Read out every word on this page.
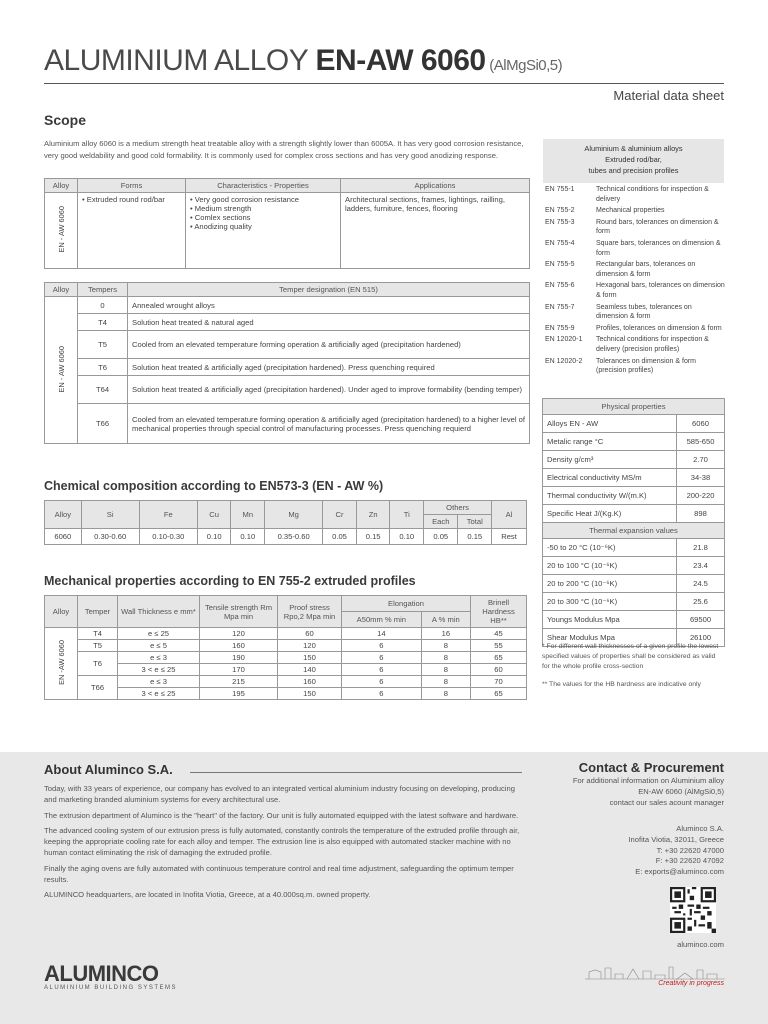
ALUMINIUM ALLOY EN-AW 6060 (AlMgSi0,5)
Material data sheet
Scope
Aluminium alloy 6060 is a medium strength heat treatable alloy with a strength slightly lower than 6005A. It has very good corrosion resistance, very good weldability and good cold formability. It is commonly used for complex cross sections and has very good anodizing response.
Alloy	Forms	Characteristics - Properties	Applications
EN - AW 6060	• Extruded round rod/bar	• Very good corrosion resistance
• Medium strength
• Comlex sections
• Anodizing quality	Architectural sections, frames, lightings, railling, ladders, furniture, fences, flooring
Alloy	Tempers	Temper designation (EN 515)
EN - AW 6060	0	Annealed wrought alloys
	T4	Solution heat treated & natural aged
	T5	Cooled from an elevated temperature forming operation & artificially aged (precipitation hardened)
	T6	Solution heat treated & artificially aged (precipitation hardened). Press quenching required
	T64	Solution heat treated & artificially aged (precipitation hardened). Under aged to improve formability (bending temper)
	T66	Cooled from an elevated temperature forming operation & artificially aged (precipitation hardened) to a higher level of mechanical properties through special control of manufacturing processes. Press quenching requierd
Chemical composition according to EN573-3 (EN - AW %)
Alloy	Si	Fe	Cu	Mn	Mg	Cr	Zn	Ti	Others		Al
									Each	Total	
6060	0.30-0.60	0.10-0.30	0.10	0.10	0.35-0.60	0.05	0.15	0.10	0.05	0.15	Rest
Mechanical properties according to EN 755-2 extruded profiles
Alloy	Temper	Wall Thickness e mm*	Tensile strength Rm Mpa min	Proof stress Rpo,2 Mpa min	Elongation		Brinell Hardness HB**
					A50mm % min	A % min	
EN -AW 6060	T4	e ≤ 25	120	60	14	16	45
	T5	e ≤ 5	160	120	6	8	55
	T6	e ≤ 3	190	150	6	8	65
		3 < e ≤ 25	170	140	6	8	60
	T66	e ≤ 3	215	160	6	8	70
		3 < e ≤ 25	195	150	6	8	65
Aluminium & aluminium alloys
Extruded rod/bar,
tubes and precision profiles
EN 755-1	Technical conditions for inspection & delivery
EN 755-2	Mechanical properties
EN 755-3	Round bars, tolerances on dimension & form
EN 755-4	Square bars, tolerances on dimension & form
EN 755-5	Rectangular bars, tolerances on dimension & form
EN 755-6	Hexagonal bars, tolerances on dimension & form
EN 755-7	Seamless tubes, tolerances on dimension & form
EN 755-9	Profiles, tolerances on dimension & form
EN 12020-1	Technical conditions for inspection & delivery (precision profiles)
EN 12020-2	Tolerances on dimension & form (precision profiles)
Physical properties	
Alloys EN - AW	6060
Metalic range °C	585-650
Density g/cm³	2.70
Electrical conductivity MS/m	34-38
Thermal conductivity W/(m.K)	200-220
Specific Heat J/(Kg.K)	898
Thermal expansion values	
-50 to 20 °C (10⁻⁶K)	21.8
20 to 100 °C (10⁻⁶K)	23.4
20 to 200 °C (10⁻⁶K)	24.5
20 to 300 °C (10⁻⁶K)	25.6
Youngs Modulus Mpa	69500
Shear Modulus Mpa	26100

* For different wall thicknesses of a given profile the lowest specified values of properties shall be considered as valid for the whole profile cross-section

** The values for the HB hardness are indicative only

About Aluminco S.A.

Today, with 33 years of experience, our company has evolved to an integrated vertical aluminium industry focusing on developing, producing and marketing branded aluminium systems for every architectural use.

The extrusion department of Aluminco is the "heart" of the factory. Our unit is fully automated equipped with the latest software and hardware.

The advanced cooling system of our extrusion press is fully automated, constantly controls the temperature of the extruded profile through air, keeping the appropriate cooling rate for each alloy and temper. The extrusion line is also equipped with automated stacker machine with no human contact eliminating the risk of damaging the extruded profile.

Finally the aging ovens are fully automated with continuous temperature control and real time adjustment, safeguarding the optimum temper results.

ALUMINCO headquarters, are located in Inofita Viotia, Greece, at a 40.000sq.m. owned property.

ALUMINCO
ALUMINIUM BUILDING SYSTEMS
Contact & Procurement
For additional information on Aluminium alloy
EN-AW 6060 (AlMgSi0,5)
contact our sales acount manager
Aluminco S.A.
Inofita Viotia, 32011, Greece
T: +30 22620 47000
F: +30 22620 47092
E: exports@aluminco.com
aluminco.com
Creativity in progress
